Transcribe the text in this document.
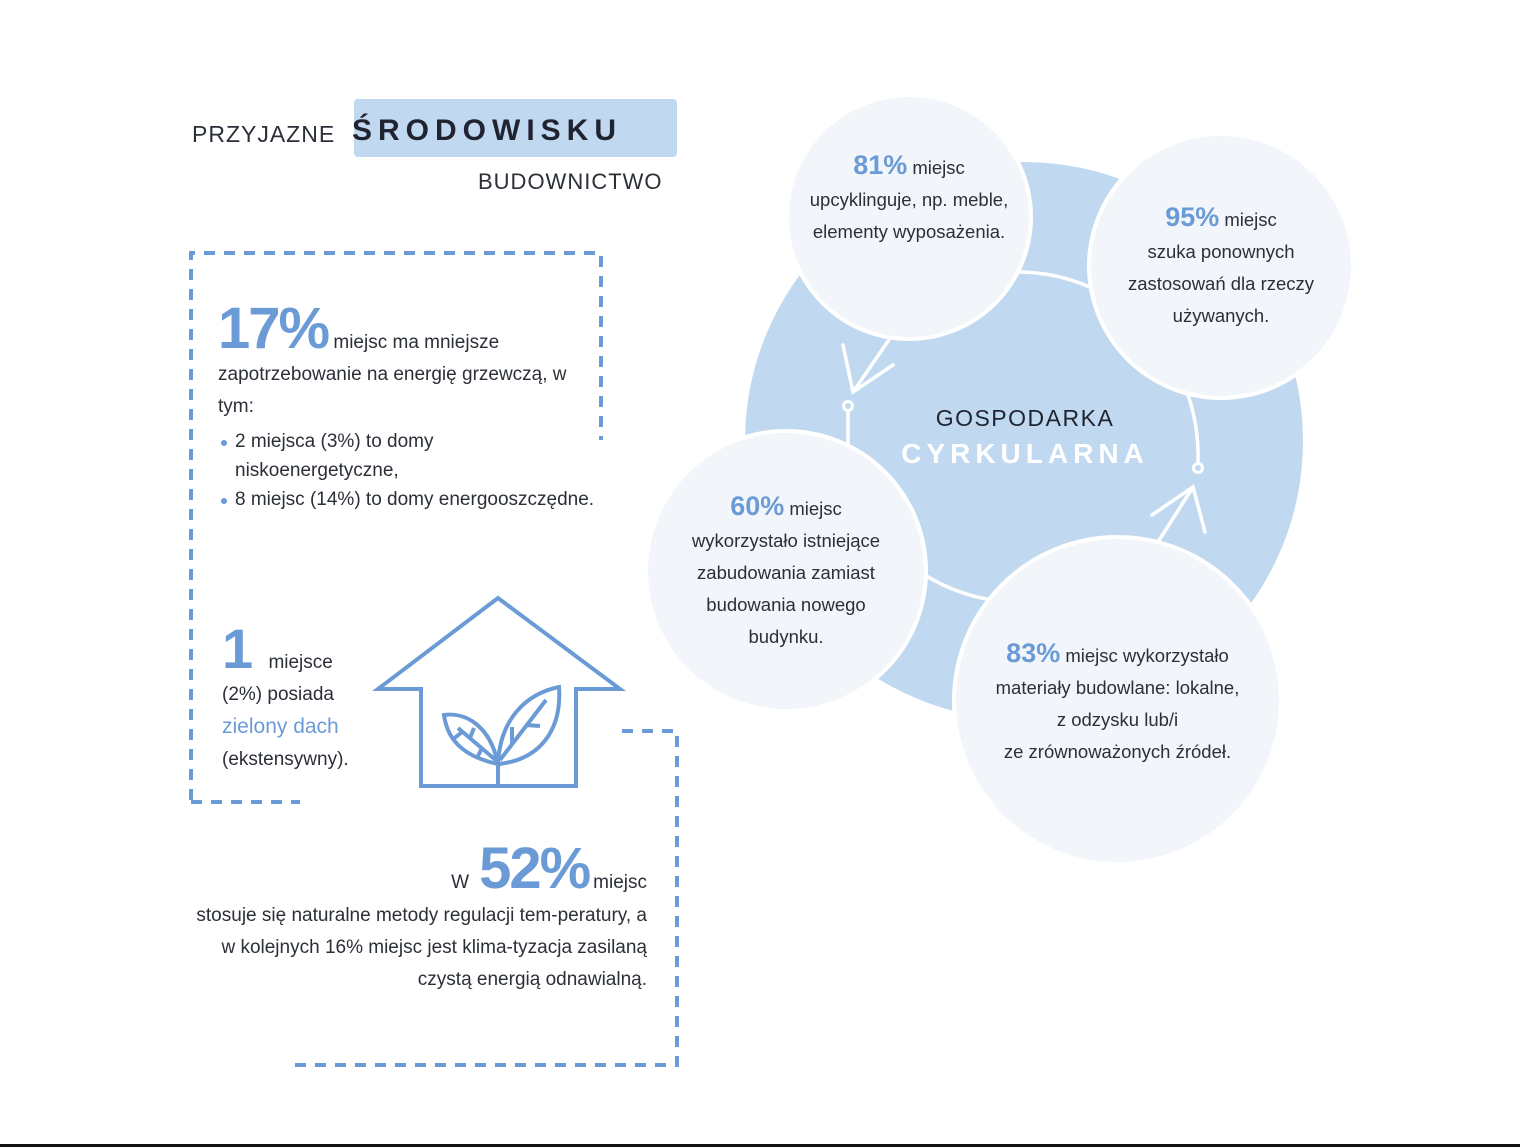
PRZYJAZNE ŚRODOWISKU
BUDOWNICTWO
17% miejsc ma mniejsze
zapotrzebowanie na energię grzewczą, w tym:
2 miejsca (3%) to domy niskoenergetyczne,
8 miejsc (14%) to domy energooszczędne.
1 miejsce
(2%) posiada
zielony dach
(ekstensywny).
W 52% miejsc
stosuje się naturalne metody regulacji tem-peratury, a w kolejnych 16% miejsc jest klima-tyzacja zasilaną czystą energią odnawialną.
GOSPODARKA
CYRKULARNA
81% miejsc
upcyklinguje, np. meble,
elementy wyposażenia.	95% miejsc
szuka ponownych
zastosowań dla rzeczy
używanych.
60% miejsc
wykorzystało istniejące
zabudowania zamiast
budowania nowego
budynku.
83% miejsc wykorzystało
materiały budowlane: lokalne,
z odzysku lub/i
ze zrównoważonych źródeł.
